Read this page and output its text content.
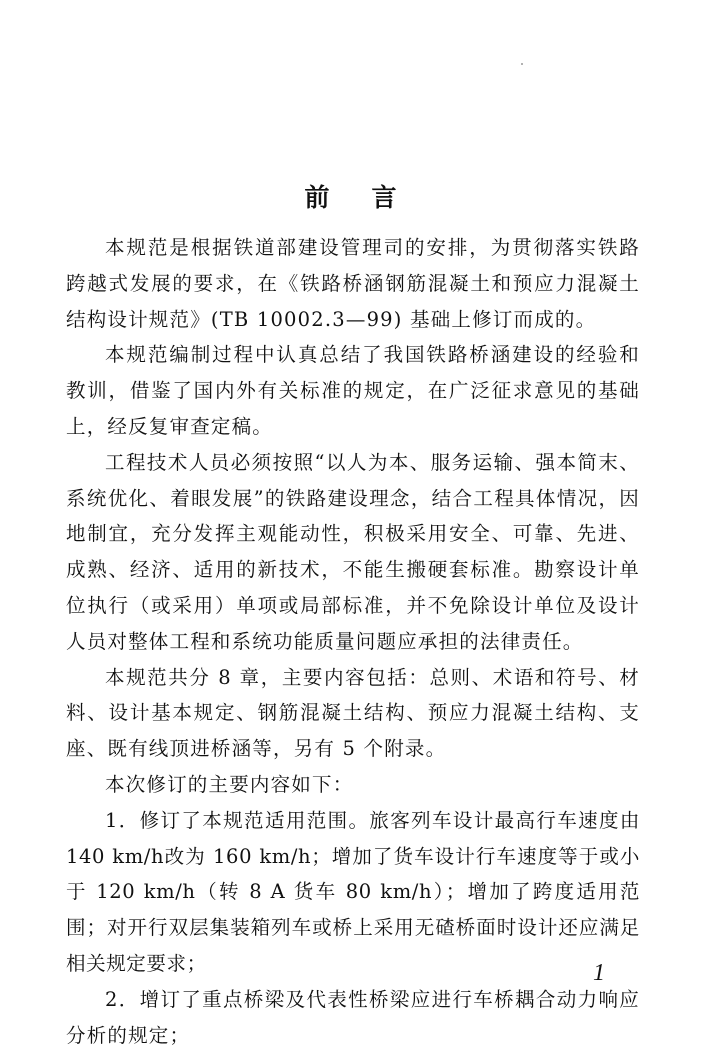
前言

本规范是根据铁道部建设管理司的安排，为贯彻落实铁路跨越式发展的要求，在《铁路桥涵钢筋混凝土和预应力混凝土结构设计规范》(TB 10002.3—99) 基础上修订而成的。

本规范编制过程中认真总结了我国铁路桥涵建设的经验和教训，借鉴了国内外有关标准的规定，在广泛征求意见的基础上，经反复审查定稿。

工程技术人员必须按照“以人为本、服务运输、强本简末、系统优化、着眼发展”的铁路建设理念，结合工程具体情况，因地制宜，充分发挥主观能动性，积极采用安全、可靠、先进、成熟、经济、适用的新技术，不能生搬硬套标准。勘察设计单位执行（或采用）单项或局部标准，并不免除设计单位及设计人员对整体工程和系统功能质量问题应承担的法律责任。

本规范共分 8 章，主要内容包括：总则、术语和符号、材料、设计基本规定、钢筋混凝土结构、预应力混凝土结构、支座、既有线顶进桥涵等，另有 5 个附录。

本次修订的主要内容如下：

1．修订了本规范适用范围。旅客列车设计最高行车速度由 140 km/h改为 160 km/h；增加了货车设计行车速度等于或小于 120 km/h（转 8 A 货车 80 km/h）；增加了跨度适用范围；对开行双层集装箱列车或桥上采用无碴桥面时设计还应满足相关规定要求；

2．增订了重点桥梁及代表性桥梁应进行车桥耦合动力响应分析的规定；

1
